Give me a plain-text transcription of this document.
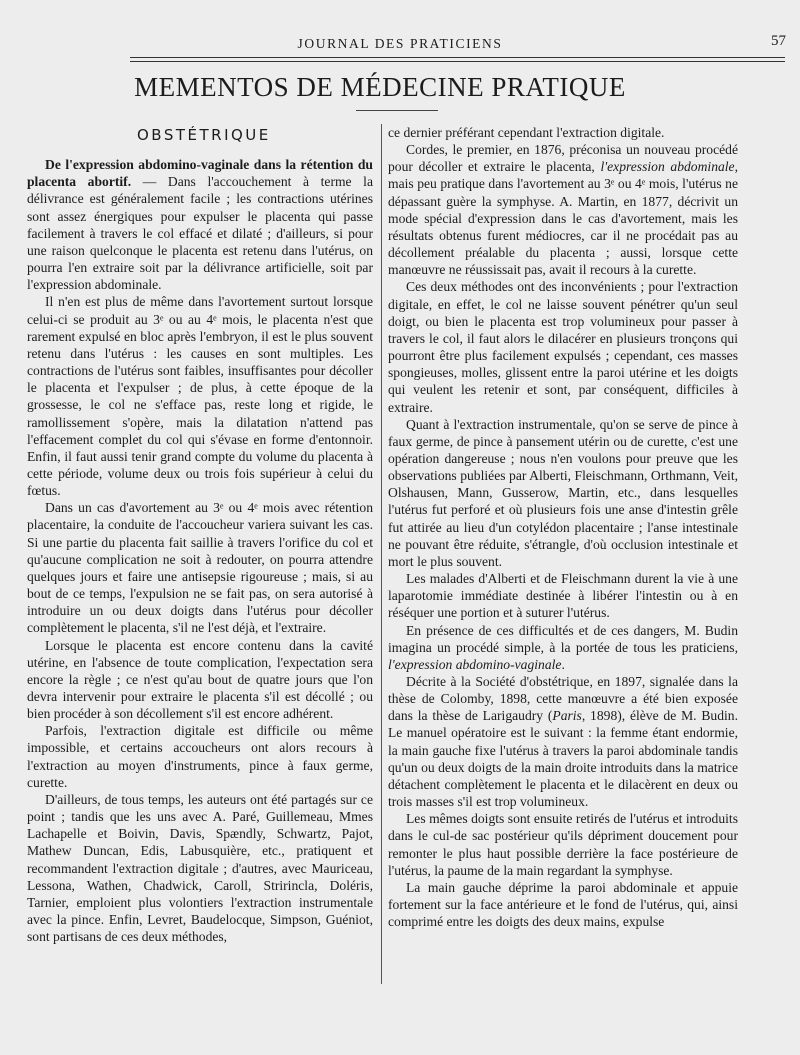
JOURNAL DES PRATICIENS	57
MEMENTOS DE MÉDECINE PRATIQUE
OBSTÉTRIQUE

De l'expression abdomino-vaginale dans la rétention du placenta abortif. — Dans l'accouchement à terme la délivrance est généralement facile ; les contractions utérines sont assez énergiques pour expulser le placenta qui passe facilement à travers le col effacé et dilaté ; d'ailleurs, si pour une raison quelconque le placenta est retenu dans l'utérus, on pourra l'en extraire soit par la délivrance artificielle, soit par l'expression abdominale.

Il n'en est plus de même dans l'avortement surtout lorsque celui-ci se produit au 3ᵉ ou au 4ᵉ mois, le placenta n'est que rarement expulsé en bloc après l'embryon, il est le plus souvent retenu dans l'utérus : les causes en sont multiples. Les contractions de l'utérus sont faibles, insuffisantes pour décoller le placenta et l'expulser ; de plus, à cette époque de la grossesse, le col ne s'efface pas, reste long et rigide, le ramollissement s'opère, mais la dilatation n'attend pas l'effacement complet du col qui s'évase en forme d'entonnoir. Enfin, il faut aussi tenir grand compte du volume du placenta à cette période, volume deux ou trois fois supérieur à celui du fœtus.

Dans un cas d'avortement au 3ᵉ ou 4ᵉ mois avec rétention placentaire, la conduite de l'accoucheur variera suivant les cas. Si une partie du placenta fait saillie à travers l'orifice du col et qu'aucune complication ne soit à redouter, on pourra attendre quelques jours et faire une antisepsie rigoureuse ; mais, si au bout de ce temps, l'expulsion ne se fait pas, on sera autorisé à introduire un ou deux doigts dans l'utérus pour décoller complètement le placenta, s'il ne l'est déjà, et l'extraire.

Lorsque le placenta est encore contenu dans la cavité utérine, en l'absence de toute complication, l'expectation sera encore la règle ; ce n'est qu'au bout de quatre jours que l'on devra intervenir pour extraire le placenta s'il est décollé ; ou bien procéder à son décollement s'il est encore adhérent.

Parfois, l'extraction digitale est difficile ou même impossible, et certains accoucheurs ont alors recours à l'extraction au moyen d'instruments, pince à faux germe, curette.

D'ailleurs, de tous temps, les auteurs ont été partagés sur ce point ; tandis que les uns avec A. Paré, Guillemeau, Mmes Lachapelle et Boivin, Davis, Spændly, Schwartz, Pajot, Mathew Duncan, Edis, Labusquière, etc., pratiquent et recommandent l'extraction digitale ; d'autres, avec Mauriceau, Lessona, Wathen, Chadwick, Caroll, Stririncla, Doléris, Tarnier, emploient plus volontiers l'extraction instrumentale avec la pince. Enfin, Levret, Baudelocque, Simpson, Guéniot, sont partisans de ces deux méthodes,

ce dernier préférant cependant l'extraction digitale.

Cordes, le premier, en 1876, préconisa un nouveau procédé pour décoller et extraire le placenta, l'expression abdominale, mais peu pratique dans l'avortement au 3ᵉ ou 4ᵉ mois, l'utérus ne dépassant guère la symphyse. A. Martin, en 1877, décrivit un mode spécial d'expression dans le cas d'avortement, mais les résultats obtenus furent médiocres, car il ne procédait pas au décollement préalable du placenta ; aussi, lorsque cette manœuvre ne réussissait pas, avait il recours à la curette.

Ces deux méthodes ont des inconvénients ; pour l'extraction digitale, en effet, le col ne laisse souvent pénétrer qu'un seul doigt, ou bien le placenta est trop volumineux pour passer à travers le col, il faut alors le dilacérer en plusieurs tronçons qui pourront être plus facilement expulsés ; cependant, ces masses spongieuses, molles, glissent entre la paroi utérine et les doigts qui veulent les retenir et sont, par conséquent, difficiles à extraire.

Quant à l'extraction instrumentale, qu'on se serve de pince à faux germe, de pince à pansement utérin ou de curette, c'est une opération dangereuse ; nous n'en voulons pour preuve que les observations publiées par Alberti, Fleischmann, Orthmann, Veit, Olshausen, Mann, Gusserow, Martin, etc., dans lesquelles l'utérus fut perforé et où plusieurs fois une anse d'intestin grêle fut attirée au lieu d'un cotylédon placentaire ; l'anse intestinale ne pouvant être réduite, s'étrangle, d'où occlusion intestinale et mort le plus souvent.

Les malades d'Alberti et de Fleischmann durent la vie à une laparotomie immédiate destinée à libérer l'intestin ou à en réséquer une portion et à suturer l'utérus.

En présence de ces difficultés et de ces dangers, M. Budin imagina un procédé simple, à la portée de tous les praticiens, l'expression abdomino-vaginale.

Décrite à la Société d'obstétrique, en 1897, signalée dans la thèse de Colomby, 1898, cette manœuvre a été bien exposée dans la thèse de Larigaudry (Paris, 1898), élève de M. Budin. Le manuel opératoire est le suivant : la femme étant endormie, la main gauche fixe l'utérus à travers la paroi abdominale tandis qu'un ou deux doigts de la main droite introduits dans la matrice détachent complètement le placenta et le dilacèrent en deux ou trois masses s'il est trop volumineux.

Les mêmes doigts sont ensuite retirés de l'utérus et introduits dans le cul-de sac postérieur qu'ils dépriment doucement pour remonter le plus haut possible derrière la face postérieure de l'utérus, la paume de la main regardant la symphyse.

La main gauche déprime la paroi abdominale et appuie fortement sur la face antérieure et le fond de l'utérus, qui, ainsi comprimé entre les doigts des deux mains, expulse
